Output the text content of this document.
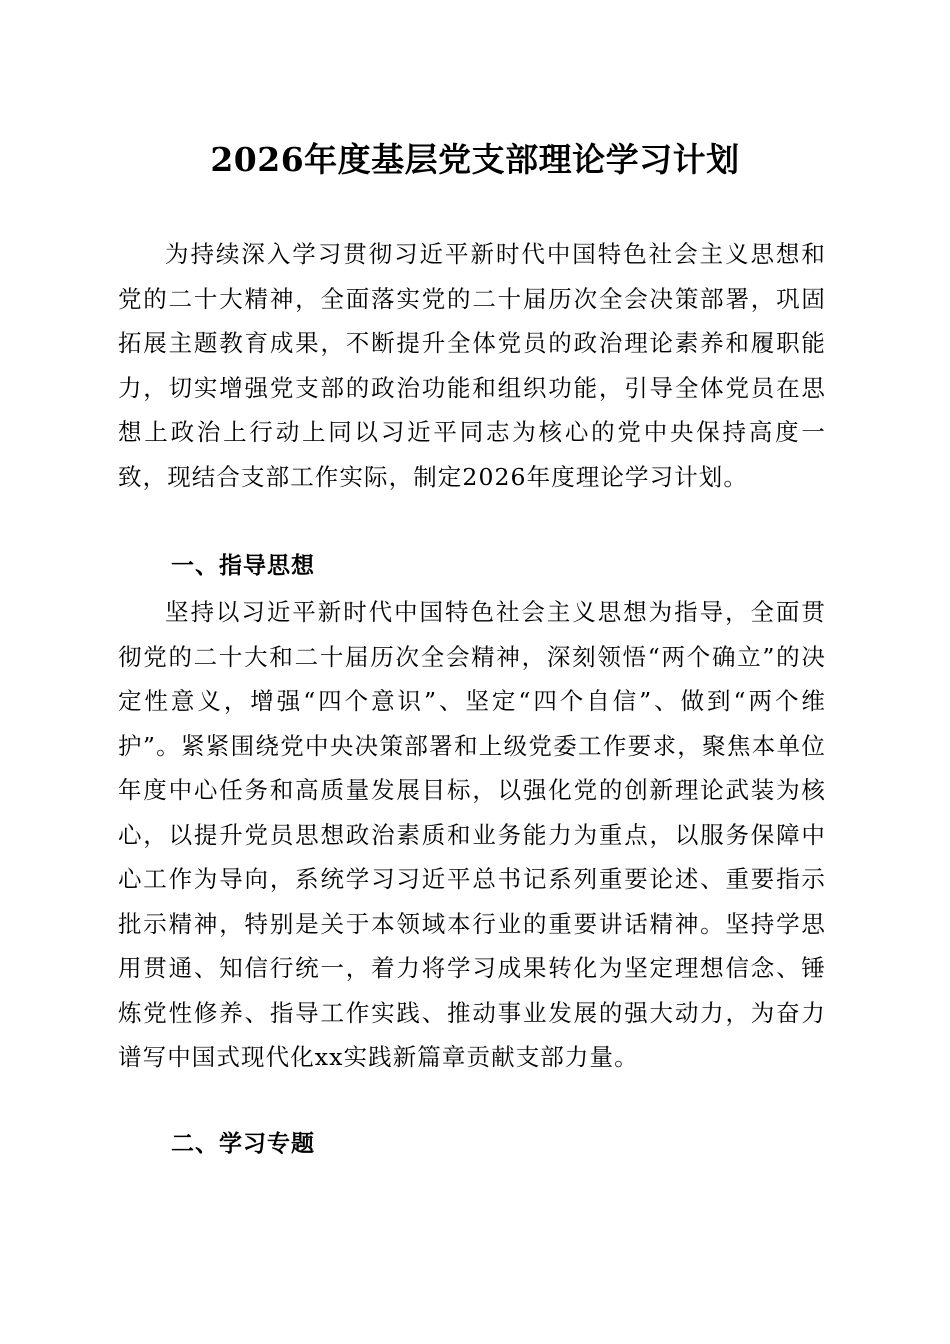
2026年度基层党支部理论学习计划

为持续深入学习贯彻习近平新时代中国特色社会主义思想和党的二十大精神，全面落实党的二十届历次全会决策部署，巩固拓展主题教育成果，不断提升全体党员的政治理论素养和履职能力，切实增强党支部的政治功能和组织功能，引导全体党员在思想上政治上行动上同以习近平同志为核心的党中央保持高度一致，现结合支部工作实际，制定2026年度理论学习计划。

一、指导思想

坚持以习近平新时代中国特色社会主义思想为指导，全面贯彻党的二十大和二十届历次全会精神，深刻领悟“两个确立”的决定性意义，增强“四个意识”、坚定“四个自信”、做到“两个维护”。紧紧围绕党中央决策部署和上级党委工作要求，聚焦本单位年度中心任务和高质量发展目标，以强化党的创新理论武装为核心，以提升党员思想政治素质和业务能力为重点，以服务保障中心工作为导向，系统学习习近平总书记系列重要论述、重要指示批示精神，特别是关于本领域本行业的重要讲话精神。坚持学思用贯通、知信行统一，着力将学习成果转化为坚定理想信念、锤炼党性修养、指导工作实践、推动事业发展的强大动力，为奋力谱写中国式现代化xx实践新篇章贡献支部力量。

二、学习专题
